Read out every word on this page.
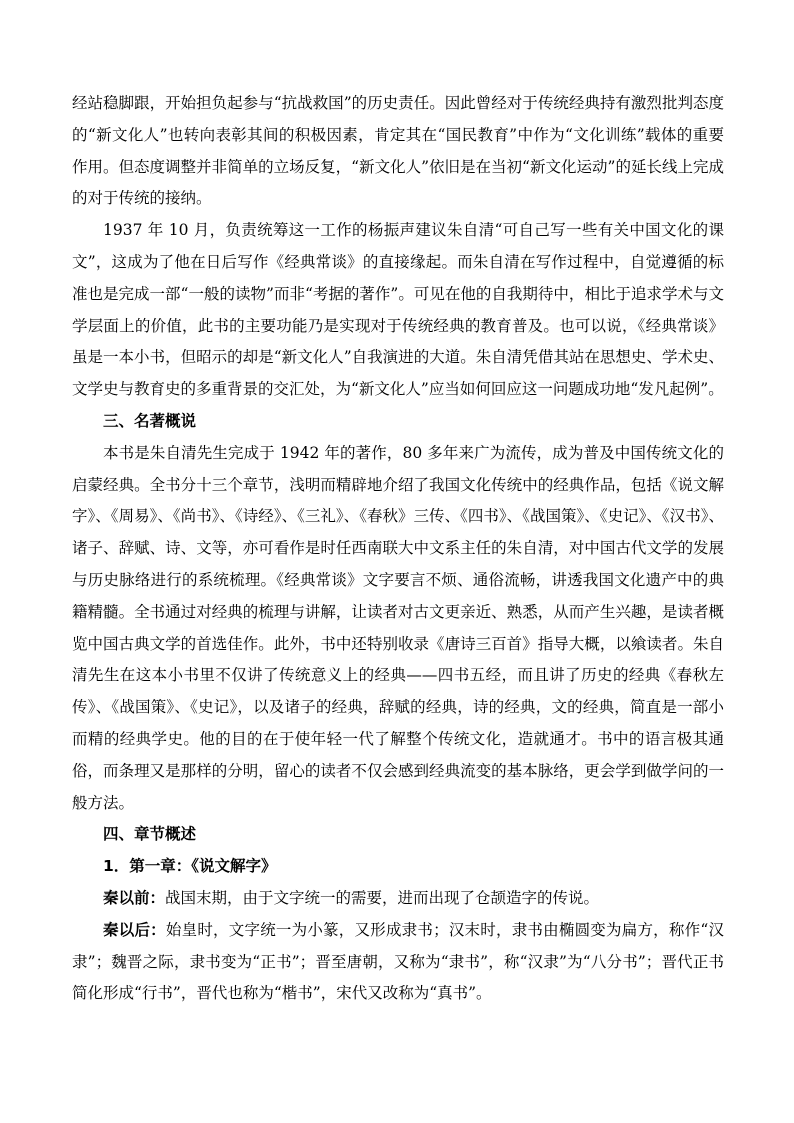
经站稳脚跟，开始担负起参与“抗战救国”的历史责任。因此曾经对于传统经典持有激烈批判态度的“新文化人”也转向表彰其间的积极因素，肯定其在“国民教育”中作为“文化训练”载体的重要作用。但态度调整并非简单的立场反复，“新文化人”依旧是在当初“新文化运动”的延长线上完成的对于传统的接纳。

1937 年 10 月，负责统筹这一工作的杨振声建议朱自清“可自己写一些有关中国文化的课文”，这成为了他在日后写作《经典常谈》的直接缘起。而朱自清在写作过程中，自觉遵循的标准也是完成一部“一般的读物”而非“考据的著作”。可见在他的自我期待中，相比于追求学术与文学层面上的价值，此书的主要功能乃是实现对于传统经典的教育普及。也可以说，《经典常谈》虽是一本小书，但昭示的却是“新文化人”自我演进的大道。朱自清凭借其站在思想史、学术史、文学史与教育史的多重背景的交汇处，为“新文化人”应当如何回应这一问题成功地“发凡起例”。

三、名著概说

本书是朱自清先生完成于 1942 年的著作，80 多年来广为流传，成为普及中国传统文化的启蒙经典。全书分十三个章节，浅明而精辟地介绍了我国文化传统中的经典作品，包括《说文解字》、《周易》、《尚书》、《诗经》、《三礼》、《春秋》三传、《四书》、《战国策》、《史记》、《汉书》、诸子、辞赋、诗、文等，亦可看作是时任西南联大中文系主任的朱自清，对中国古代文学的发展与历史脉络进行的系统梳理。《经典常谈》文字要言不烦、通俗流畅，讲透我国文化遗产中的典籍精髓。全书通过对经典的梳理与讲解，让读者对古文更亲近、熟悉，从而产生兴趣，是读者概览中国古典文学的首选佳作。此外，书中还特别收录《唐诗三百首》指导大概，以飨读者。朱自清先生在这本小书里不仅讲了传统意义上的经典——四书五经，而且讲了历史的经典《春秋左传》、《战国策》、《史记》，以及诸子的经典，辞赋的经典，诗的经典，文的经典，简直是一部小而精的经典学史。他的目的在于使年轻一代了解整个传统文化，造就通才。书中的语言极其通俗，而条理又是那样的分明，留心的读者不仅会感到经典流变的基本脉络，更会学到做学问的一般方法。

四、章节概述

1．第一章：《说文解字》

秦以前：战国末期，由于文字统一的需要，进而出现了仓颉造字的传说。

秦以后：始皇时，文字统一为小篆，又形成隶书；汉末时，隶书由椭圆变为扁方，称作“汉隶”；魏晋之际，隶书变为“正书”；晋至唐朝，又称为“隶书”，称“汉隶”为“八分书”；晋代正书简化形成“行书”，晋代也称为“楷书”，宋代又改称为“真书”。
